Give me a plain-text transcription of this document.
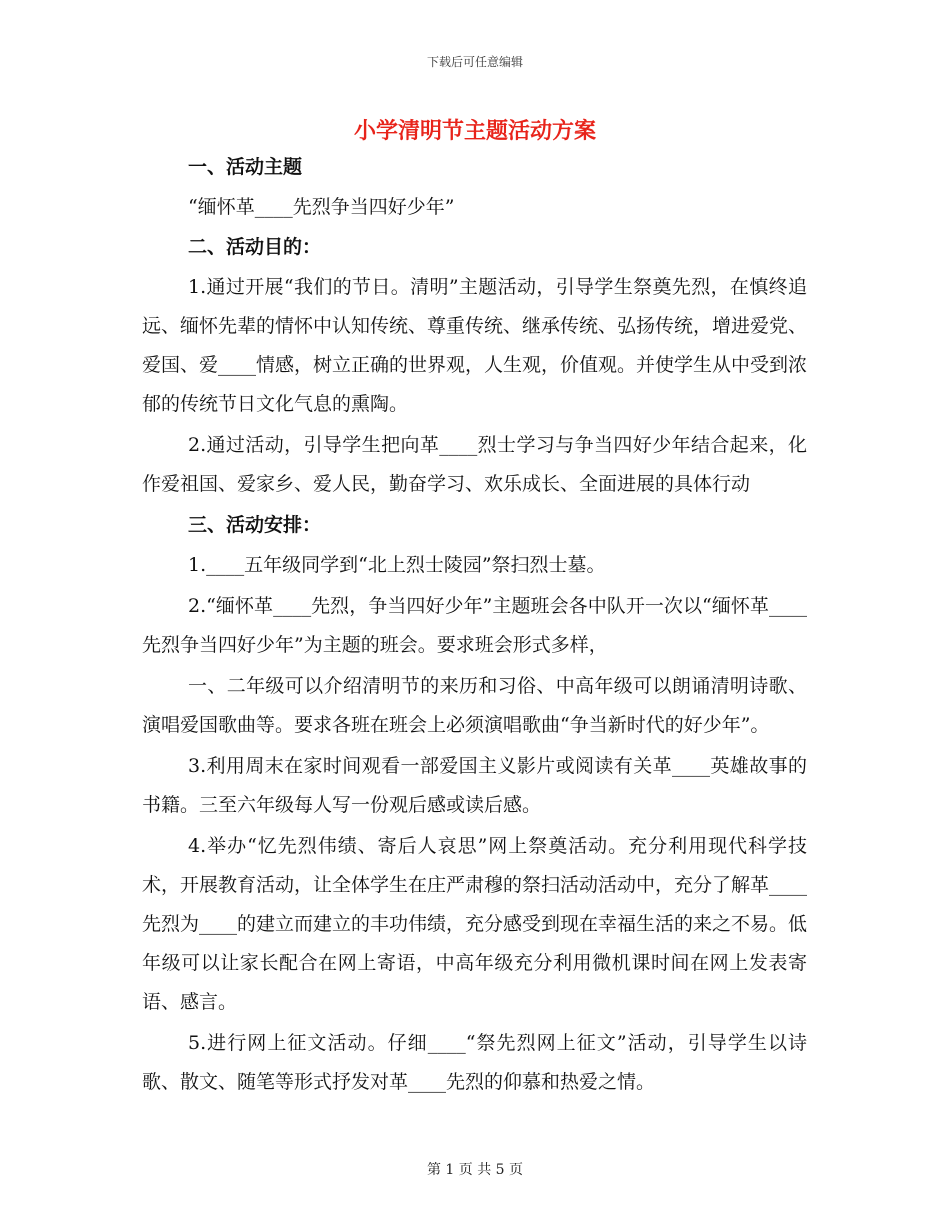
下载后可任意编辑
小学清明节主题活动方案

一、活动主题

“缅怀革____先烈争当四好少年”

二、活动目的：

1.通过开展“我们的节日。清明”主题活动，引导学生祭奠先烈，在慎终追远、缅怀先辈的情怀中认知传统、尊重传统、继承传统、弘扬传统，增进爱党、爱国、爱____情感，树立正确的世界观，人生观，价值观。并使学生从中受到浓郁的传统节日文化气息的熏陶。

2.通过活动，引导学生把向革____烈士学习与争当四好少年结合起来，化作爱祖国、爱家乡、爱人民，勤奋学习、欢乐成长、全面进展的具体行动

三、活动安排：

1.____五年级同学到“北上烈士陵园”祭扫烈士墓。

2.“缅怀革____先烈，争当四好少年”主题班会各中队开一次以“缅怀革____先烈争当四好少年”为主题的班会。要求班会形式多样，

一、二年级可以介绍清明节的来历和习俗、中高年级可以朗诵清明诗歌、演唱爱国歌曲等。要求各班在班会上必须演唱歌曲“争当新时代的好少年”。

3.利用周末在家时间观看一部爱国主义影片或阅读有关革____英雄故事的书籍。三至六年级每人写一份观后感或读后感。

4.举办“忆先烈伟绩、寄后人哀思”网上祭奠活动。充分利用现代科学技术，开展教育活动，让全体学生在庄严肃穆的祭扫活动活动中，充分了解革____先烈为____的建立而建立的丰功伟绩，充分感受到现在幸福生活的来之不易。低年级可以让家长配合在网上寄语，中高年级充分利用微机课时间在网上发表寄语、感言。

5.进行网上征文活动。仔细____“祭先烈网上征文”活动，引导学生以诗歌、散文、随笔等形式抒发对革____先烈的仰慕和热爱之情。

第 1 页 共 5 页
